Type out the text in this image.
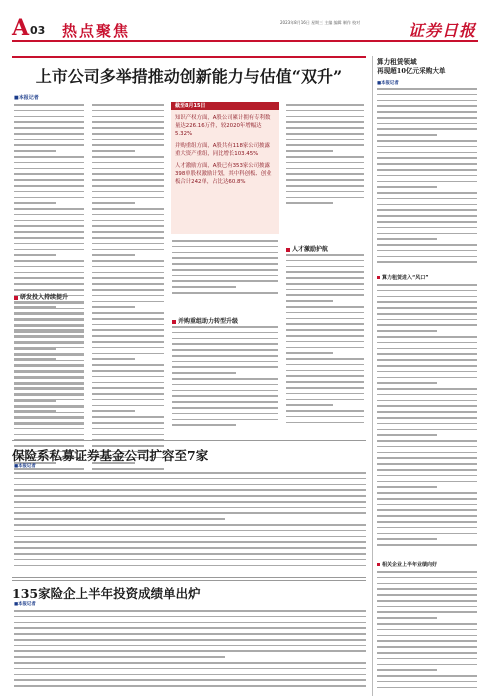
A 03 热点聚焦	2023年8月16日 星期三 主编 编辑 制作 校对	证券日报
上市公司多举措推动创新能力与估值“双升”
■本报记者
截至8月15日

知识产权方面，A股公司累计拥有专利数量达226.16万件，较2020年增幅达5.32%

并购重组方面，A股共有118家公司披露重大资产重组，同比增长103.45%

人才激励方面，A股已有353家公司披露398单股权激励计划，其中科创板、创业板合计242单，占比达60.8%

研发投入持续提升
并购重组助力转型升级
人才激励护航
保险系私募证券基金公司扩容至7家
■本报记者
135家险企上半年投资成绩单出炉
■本报记者
算力租赁领域
再现超10亿元采购大单
■本报记者
算力租赁进入“风口”
相关企业上半年业绩向好
